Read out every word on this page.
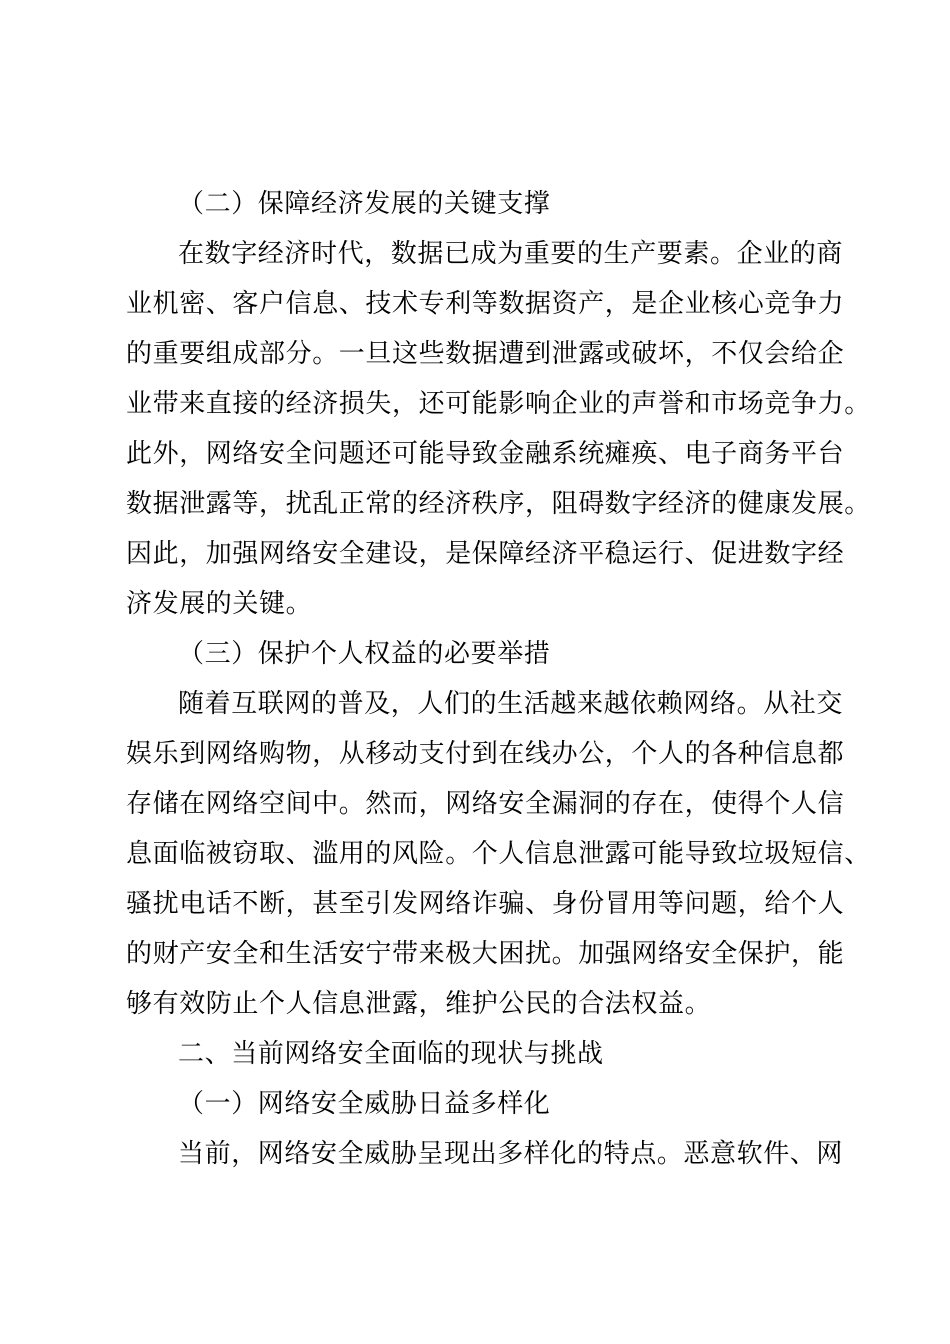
（二）保障经济发展的关键支撑
在数字经济时代，数据已成为重要的生产要素。企业的商
业机密、客户信息、技术专利等数据资产，是企业核心竞争力
的重要组成部分。一旦这些数据遭到泄露或破坏，不仅会给企
业带来直接的经济损失，还可能影响企业的声誉和市场竞争力。
此外，网络安全问题还可能导致金融系统瘫痪、电子商务平台
数据泄露等，扰乱正常的经济秩序，阻碍数字经济的健康发展。
因此，加强网络安全建设，是保障经济平稳运行、促进数字经
济发展的关键。
（三）保护个人权益的必要举措
随着互联网的普及，人们的生活越来越依赖网络。从社交
娱乐到网络购物，从移动支付到在线办公，个人的各种信息都
存储在网络空间中。然而，网络安全漏洞的存在，使得个人信
息面临被窃取、滥用的风险。个人信息泄露可能导致垃圾短信、
骚扰电话不断，甚至引发网络诈骗、身份冒用等问题，给个人
的财产安全和生活安宁带来极大困扰。加强网络安全保护，能
够有效防止个人信息泄露，维护公民的合法权益。
二、当前网络安全面临的现状与挑战
（一）网络安全威胁日益多样化
当前，网络安全威胁呈现出多样化的特点。恶意软件、网
